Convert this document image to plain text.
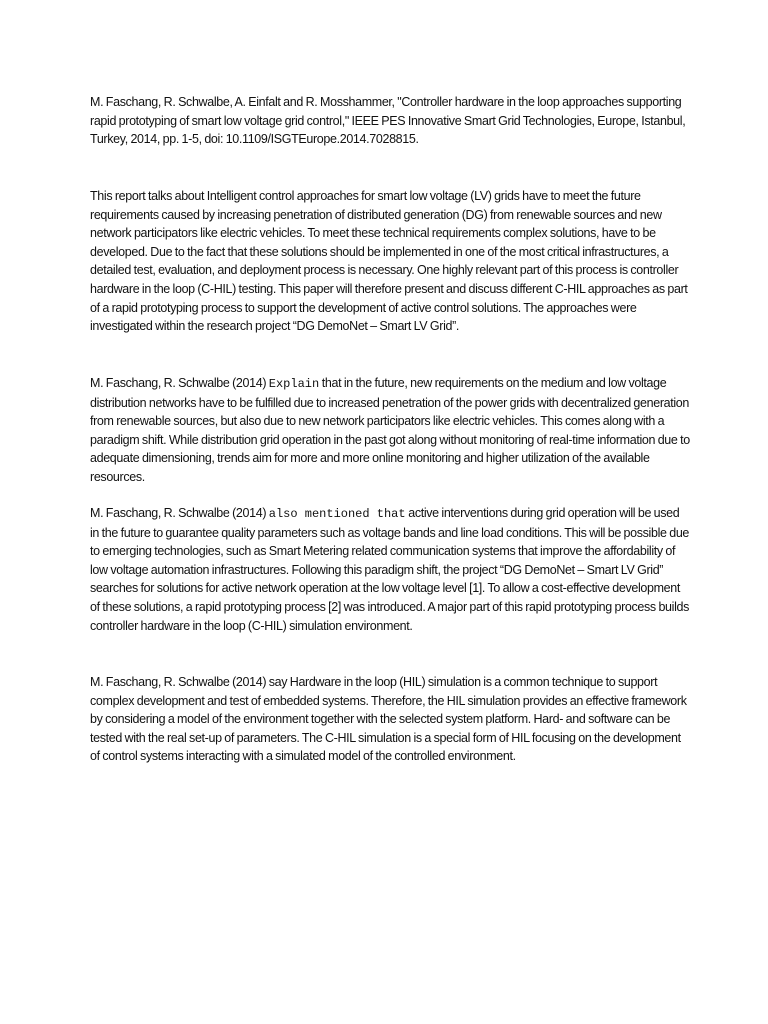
M. Faschang, R. Schwalbe, A. Einfalt and R. Mosshammer, "Controller hardware in the loop approaches supporting rapid prototyping of smart low voltage grid control," IEEE PES Innovative Smart Grid Technologies, Europe, Istanbul, Turkey, 2014, pp. 1-5, doi: 10.1109/ISGTEurope.2014.7028815.

This report talks about Intelligent control approaches for smart low voltage (LV) grids have to meet the future requirements caused by increasing penetration of distributed generation (DG) from renewable sources and new network participators like electric vehicles. To meet these technical requirements complex solutions, have to be developed. Due to the fact that these solutions should be implemented in one of the most critical infrastructures, a detailed test, evaluation, and deployment process is necessary. One highly relevant part of this process is controller hardware in the loop (C-HIL) testing. This paper will therefore present and discuss different C-HIL approaches as part of a rapid prototyping process to support the development of active control solutions. The approaches were investigated within the research project “DG DemoNet – Smart LV Grid”.

M. Faschang, R. Schwalbe (2014) Explain that in the future, new requirements on the medium and low voltage distribution networks have to be fulfilled due to increased penetration of the power grids with decentralized generation from renewable sources, but also due to new network participators like electric vehicles. This comes along with a paradigm shift. While distribution grid operation in the past got along without monitoring of real-time information due to adequate dimensioning, trends aim for more and more online monitoring and higher utilization of the available resources.

M. Faschang, R. Schwalbe (2014) also mentioned that active interventions during grid operation will be used in the future to guarantee quality parameters such as voltage bands and line load conditions. This will be possible due to emerging technologies, such as Smart Metering related communication systems that improve the affordability of low voltage automation infrastructures. Following this paradigm shift, the project “DG DemoNet – Smart LV Grid” searches for solutions for active network operation at the low voltage level [1]. To allow a cost-effective development of these solutions, a rapid prototyping process [2] was introduced. A major part of this rapid prototyping process builds controller hardware in the loop (C-HIL) simulation environment.

M. Faschang, R. Schwalbe (2014) say Hardware in the loop (HIL) simulation is a common technique to support complex development and test of embedded systems. Therefore, the HIL simulation provides an effective framework by considering a model of the environment together with the selected system platform. Hard- and software can be tested with the real set-up of parameters. The C-HIL simulation is a special form of HIL focusing on the development of control systems interacting with a simulated model of the controlled environment.
